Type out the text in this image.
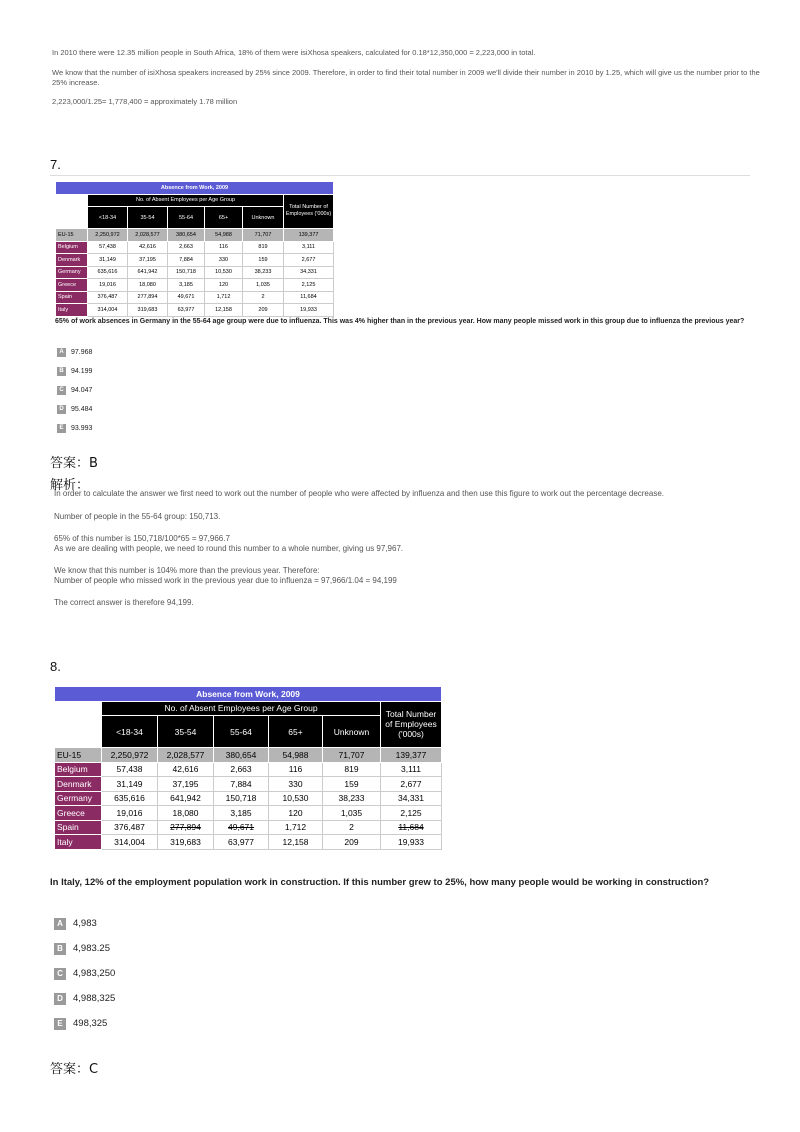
In 2010 there were 12.35 million people in South Africa, 18% of them were isiXhosa speakers, calculated for 0.18*12,350,000 = 2,223,000 in total.

We know that the number of isiXhosa speakers increased by 25% since 2009. Therefore, in order to find their total number in 2009 we'll divide their number in 2010 by 1.25, which will give us the number prior to the 25% increase.

2,223,000/1.25= 1,778,400 = approximately 1.78 million

7.
Absence from Work, 2009						
	No. of Absent Employees per Age Group					Total Number of Employees ('000s)
	<18-34	35-54	55-64	65+	Unknown	
EU-15	2,250,972	2,028,577	380,654	54,988	71,707	139,377
Belgium	57,438	42,616	2,663	116	819	3,111
Denmark	31,149	37,195	7,884	330	159	2,677
Germany	635,616	641,942	150,718	10,530	38,233	34,331
Greece	19,016	18,080	3,185	120	1,035	2,125
Spain	376,487	277,894	49,671	1,712	2	11,684
Italy	314,004	319,683	63,977	12,158	209	19,933
65% of work absences in Germany in the 55-64 age group were due to influenza. This was 4% higher than in the previous year. How many people missed work in this group due to influenza the previous year?
A	97.968
B	94.199
C	94.047
D	95.484
E	93.993
答案：B
解析：

In order to calculate the answer we first need to work out the number of people who were affected by influenza and then use this figure to work out the percentage decrease.

Number of people in the 55-64 group: 150,713.

65% of this number is 150,718/100*65 = 97,966.7

As we are dealing with people, we need to round this number to a whole number, giving us 97,967.

We know that this number is 104% more than the previous year. Therefore:

Number of people who missed work in the previous year due to influenza = 97,966/1.04 = 94,199

The correct answer is therefore 94,199.

8.
Absence from Work, 2009						
	No. of Absent Employees per Age Group					Total Number of Employees ('000s)
	<18-34	35-54	55-64	65+	Unknown	
EU-15	2,250,972	2,028,577	380,654	54,988	71,707	139,377
Belgium	57,438	42,616	2,663	116	819	3,111
Denmark	31,149	37,195	7,884	330	159	2,677
Germany	635,616	641,942	150,718	10,530	38,233	34,331
Greece	19,016	18,080	3,185	120	1,035	2,125
Spain	376,487	277,894	49,671	1,712	2	11,684
Italy	314,004	319,683	63,977	12,158	209	19,933
In Italy, 12% of the employment population work in construction. If this number grew to 25%, how many people would be working in construction?
A	4,983
B	4,983.25
C	4,983,250
D	4,988,325
E	498,325
答案：C
